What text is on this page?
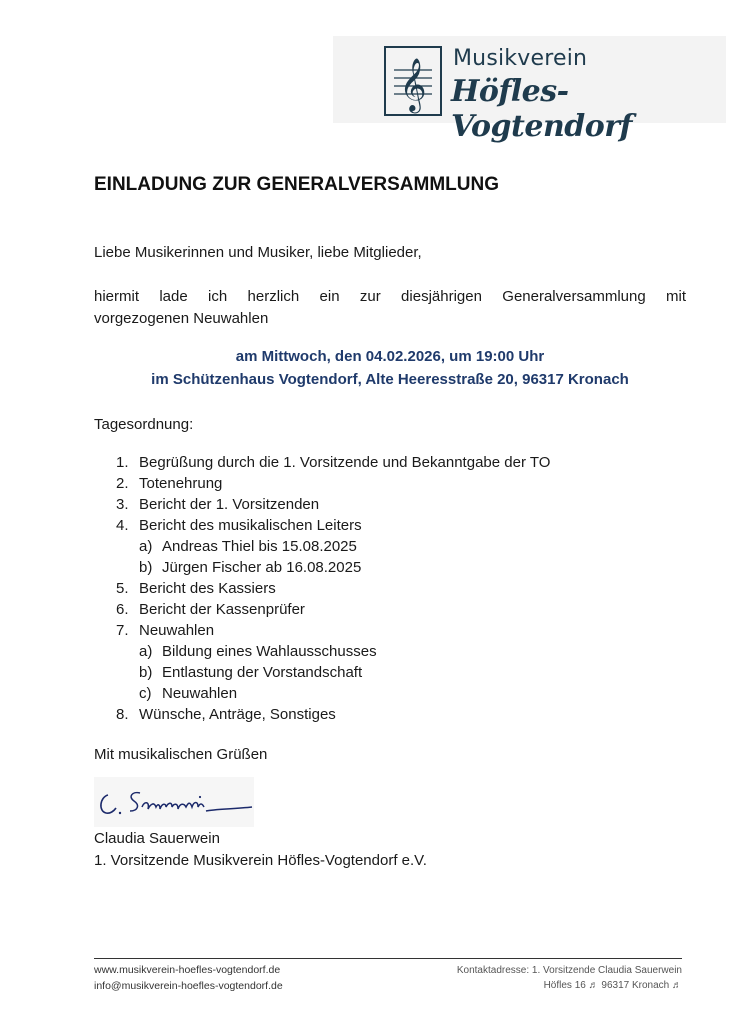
𝄞 Musikverein
Höfles-Vogtendorf
EINLADUNG ZUR GENERALVERSAMMLUNG
Liebe Musikerinnen und Musiker, liebe Mitglieder,
hiermit lade ich herzlich ein zur diesjährigen Generalversammlung mit
vorgezogenen Neuwahlen
am Mittwoch, den 04.02.2026, um 19:00 Uhr
im Schützenhaus Vogtendorf, Alte Heeresstraße 20, 96317 Kronach
Tagesordnung:
1. Begrüßung durch die 1. Vorsitzende und Bekanntgabe der TO
2. Totenehrung
3. Bericht der 1. Vorsitzenden
4. Bericht des musikalischen Leiters
a) Andreas Thiel bis 15.08.2025
b) Jürgen Fischer ab 16.08.2025
5. Bericht des Kassiers
6. Bericht der Kassenprüfer
7. Neuwahlen
a) Bildung eines Wahlausschusses
b) Entlastung der Vorstandschaft
c) Neuwahlen
8. Wünsche, Anträge, Sonstiges
Mit musikalischen Grüßen
Claudia Sauerwein
1. Vorsitzende Musikverein Höfles-Vogtendorf e.V.
www.musikverein-hoefles-vogtendorf.de
info@musikverein-hoefles-vogtendorf.de
Kontaktadresse: 1. Vorsitzende Claudia Sauerwein
Höfles 16 ♬ 96317 Kronach ♬
